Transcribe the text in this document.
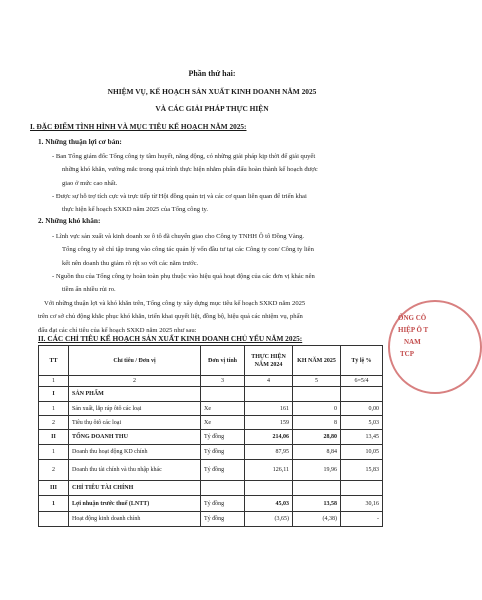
Phần thứ hai:
NHIỆM VỤ, KẾ HOẠCH SẢN XUẤT KINH DOANH NĂM 2025
VÀ CÁC GIẢI PHÁP THỰC HIỆN
I. ĐẶC ĐIỂM TÌNH HÌNH VÀ MỤC TIÊU KẾ HOẠCH NĂM 2025:
1. Những thuận lợi cơ bản:
- Ban Tổng giám đốc Tổng công ty tâm huyết, năng động, có những giải pháp kịp thời để giải quyết
những khó khăn, vướng mắc trong quá trình thực hiện nhằm phấn đấu hoàn thành kế hoạch được
giao ở mức cao nhất.
- Được sự hỗ trợ tích cực và trực tiếp từ Hội đồng quản trị và các cơ quan liên quan để triển khai
thực hiện kế hoạch SXKD năm 2025 của Tổng công ty.
2. Những khó khăn:
- Lĩnh vực sản xuất và kinh doanh xe ô tô đã chuyển giao cho Công ty TNHH Ô tô Đồng Vàng.
Tổng công ty sẽ chỉ tập trung vào công tác quản lý vốn đầu tư tại các Công ty con/ Công ty liên
kết nên doanh thu giảm rõ rệt so với các năm trước.
- Nguồn thu của Tổng công ty hoàn toàn phụ thuộc vào hiệu quả hoạt động của các đơn vị khác nên
tiềm ẩn nhiều rủi ro.
Với những thuận lợi và khó khăn trên, Tổng công ty xây dựng mục tiêu kế hoạch SXKD năm 2025
trên cơ sở chủ động khắc phục khó khăn, triển khai quyết liệt, đồng bộ, hiệu quả các nhiệm vụ, phấn
đấu đạt các chỉ tiêu của kế hoạch SXKD năm 2025 như sau:
II. CÁC CHỈ TIÊU KẾ HOẠCH SẢN XUẤT KINH DOANH CHỦ YẾU NĂM 2025:
ỔNG CÔ
HIỆP Ô T
NAM
TCP
TT	Chỉ tiêu / Đơn vị	Đơn vị tính	THỰC HIỆN NĂM 2024	KH NĂM 2025	Tỷ lệ %
1	2	3	4	5	6=5/4
I	SẢN PHẨM				
1	Sản xuất, lắp ráp ôtô các loại	Xe	161	0	0,00
2	Tiêu thụ ôtô các loại	Xe	159	8	5,03
II	TỔNG DOANH THU	Tỷ đồng	214,06	28,80	13,45
1	Doanh thu hoạt động KD chính	Tỷ đồng	87,95	8,84	10,05
2	Doanh thu tài chính và thu nhập khác	Tỷ đồng	126,11	19,96	15,83
III	CHỈ TIÊU TÀI CHÍNH				
1	Lợi nhuận trước thuế (LNTT)	Tỷ đồng	45,03	13,58	30,16
	Hoạt động kinh doanh chính	Tỷ đồng	(3,65)	(4,38)	-
